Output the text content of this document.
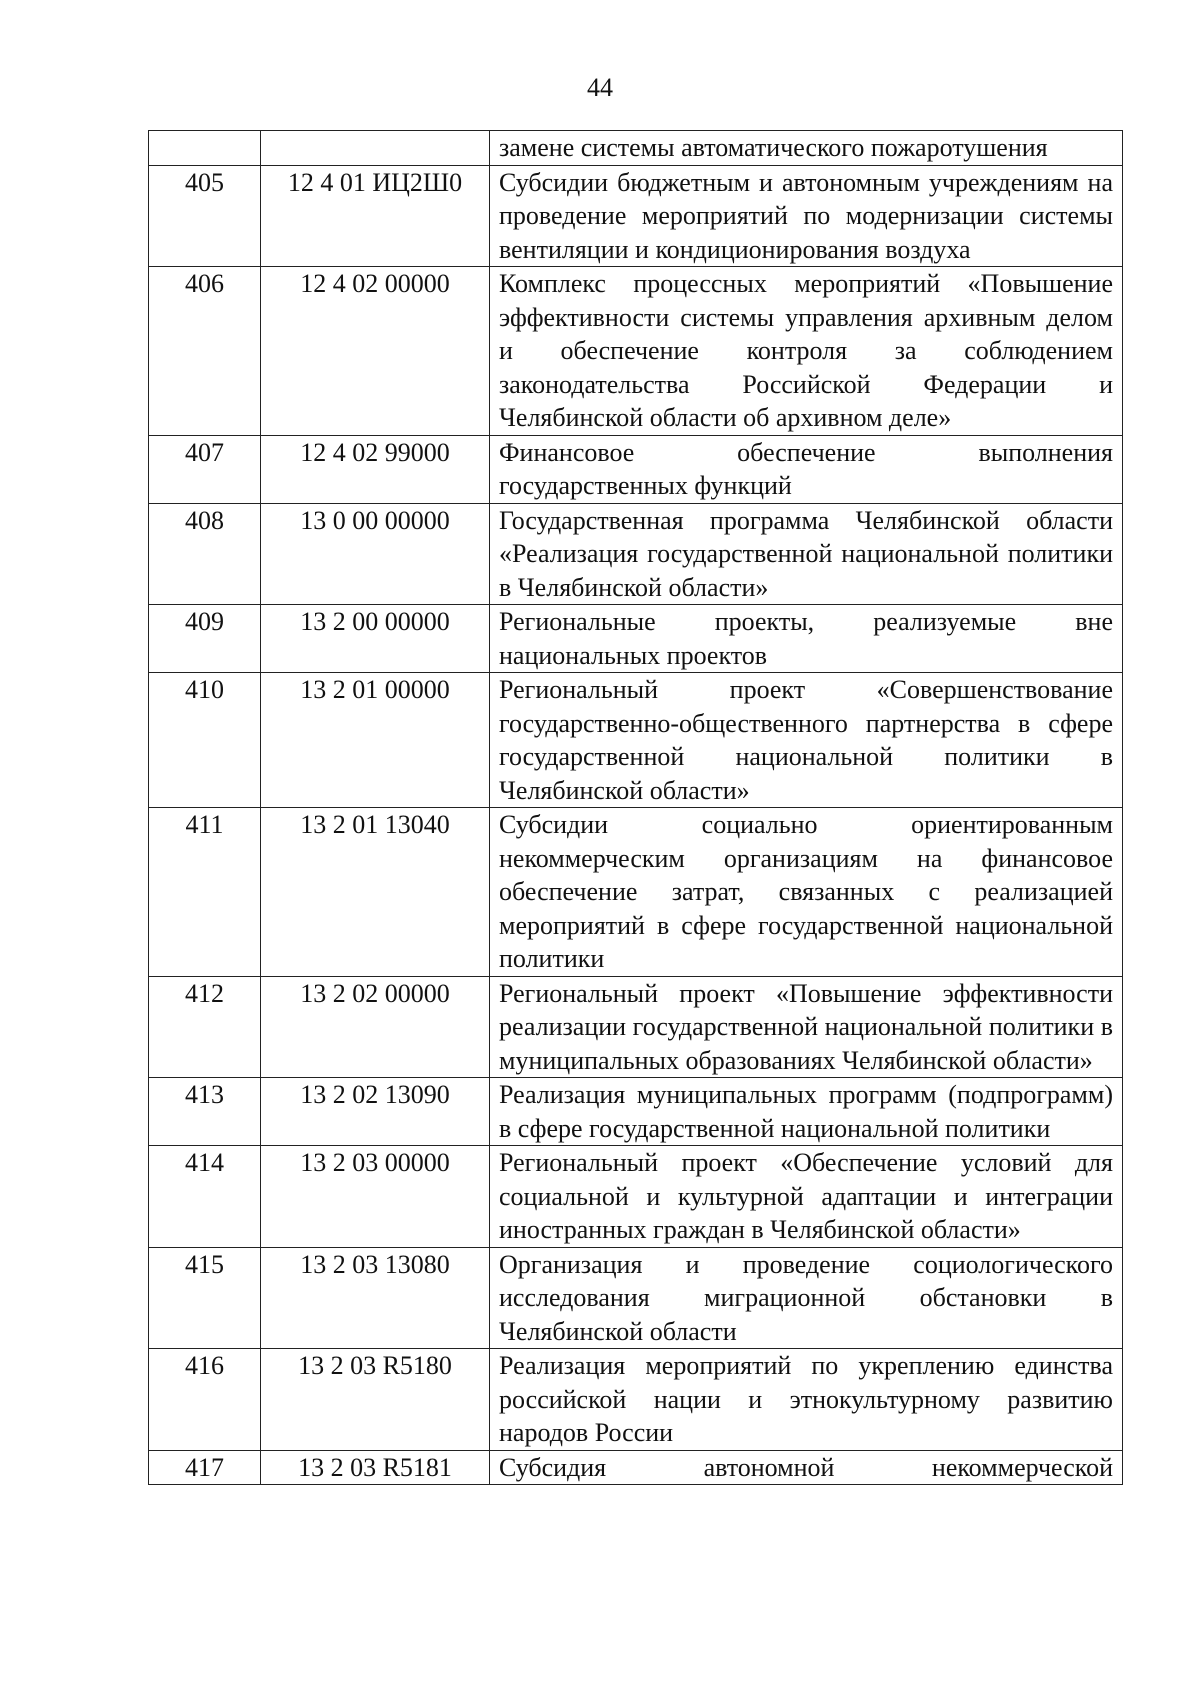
44
		замене системы автоматического пожаротушения
405	12 4 01 ИЦ2Ш0	Субсидии бюджетным и автономным учреждениям на проведение мероприятий по модернизации системы вентиляции и кондиционирования воздуха
406	12 4 02 00000	Комплекс процессных мероприятий «Повышение эффективности системы управления архивным делом и обеспечение контроля за соблюдением законодательства Российской Федерации и Челябинской области об архивном деле»
407	12 4 02 99000	Финансовое обеспечение выполнения государственных функций
408	13 0 00 00000	Государственная программа Челябинской области «Реализация государственной национальной политики в Челябинской области»
409	13 2 00 00000	Региональные проекты, реализуемые вне национальных проектов
410	13 2 01 00000	Региональный проект «Совершенствование государственно-общественного партнерства в сфере государственной национальной политики в Челябинской области»
411	13 2 01 13040	Субсидии социально ориентированным некоммерческим организациям на финансовое обеспечение затрат, связанных с реализацией мероприятий в сфере государственной национальной политики
412	13 2 02 00000	Региональный проект «Повышение эффективности реализации государственной национальной политики в муниципальных образованиях Челябинской области»
413	13 2 02 13090	Реализация муниципальных программ (подпрограмм) в сфере государственной национальной политики
414	13 2 03 00000	Региональный проект «Обеспечение условий для социальной и культурной адаптации и интеграции иностранных граждан в Челябинской области»
415	13 2 03 13080	Организация и проведение социологического исследования миграционной обстановки в Челябинской области
416	13 2 03 R5180	Реализация мероприятий по укреплению единства российской нации и этнокультурному развитию народов России
417	13 2 03 R5181	Субсидия автономной некоммерческой
